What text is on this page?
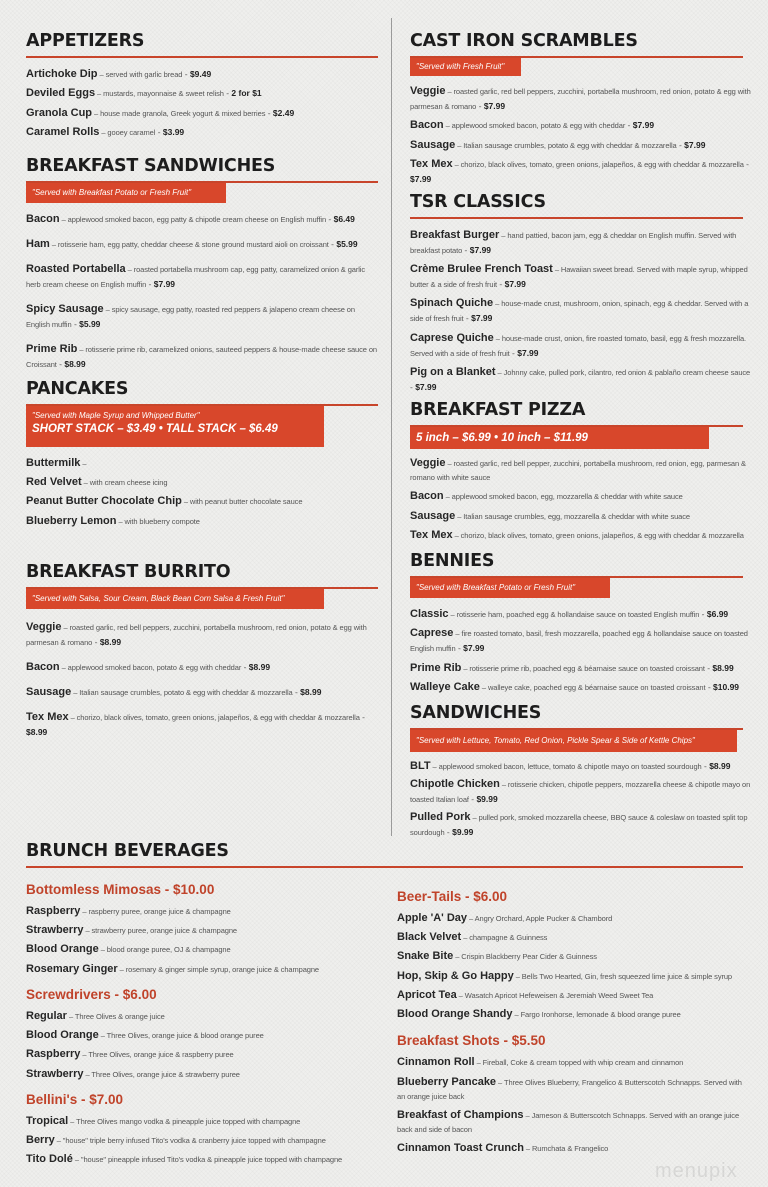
APPETIZERS
Artichoke Dip – served with garlic bread - $9.49
Deviled Eggs – mustards, mayonnaise & sweet relish - 2 for $1
Granola Cup – house made granola, Greek yogurt & mixed berries - $2.49
Caramel Rolls – gooey caramel - $3.99
BREAKFAST SANDWICHES
"Served with Breakfast Potato or Fresh Fruit"
Bacon – applewood smoked bacon, egg patty & chipotle cream cheese on English muffin - $6.49
Ham – rotisserie ham, egg patty, cheddar cheese & stone ground mustard aioli on croissant - $5.99
Roasted Portabella – roasted portabella mushroom cap, egg patty, caramelized onion & garlic herb cream cheese on English muffin - $7.99
Spicy Sausage – spicy sausage, egg patty, roasted red peppers & jalapeno cream cheese on English muffin - $5.99
Prime Rib – rotisserie prime rib, caramelized onions, sauteed peppers & house-made cheese sauce on Croissant - $8.99
PANCAKES
"Served with Maple Syrup and Whipped Butter"
SHORT STACK – $3.49 • TALL STACK – $6.49
Buttermilk–
Red Velvet – with cream cheese icing
Peanut Butter Chocolate Chip – with peanut butter chocolate sauce
Blueberry Lemon – with blueberry compote
BREAKFAST BURRITO
"Served with Salsa, Sour Cream, Black Bean Corn Salsa & Fresh Fruit"
Veggie – roasted garlic, red bell peppers, zucchini, portabella mushroom, red onion, potato & egg with parmesan & romano - $8.99
Bacon – applewood smoked bacon, potato & egg with cheddar - $8.99
Sausage – Italian sausage crumbles, potato & egg with cheddar & mozzarella - $8.99
Tex Mex – chorizo, black olives, tomato, green onions, jalapeños, & egg with cheddar & mozzarella- $8.99
CAST IRON SCRAMBLES
"Served with Fresh Fruit"
Veggie – roasted garlic, red bell peppers, zucchini, portabella mushroom, red onion, potato & egg with parmesan & romano - $7.99
Bacon – applewood smoked bacon, potato & egg with cheddar - $7.99
Sausage – Italian sausage crumbles, potato & egg with cheddar & mozzarella - $7.99
Tex Mex – chorizo, black olives, tomato, green onions, jalapeños, & egg with cheddar & mozzarella- $7.99
TSR CLASSICS
Breakfast Burger – hand pattied, bacon jam, egg & cheddar on English muffin. Served with breakfast potato - $7.99
Crème Brulee French Toast – Hawaiian sweet bread. Served with maple syrup, whipped butter & a side of fresh fruit - $7.99
Spinach Quiche – house-made crust, mushroom, onion, spinach, egg & cheddar. Served with a side of fresh fruit - $7.99
Caprese Quiche – house-made crust, onion, fire roasted tomato, basil, egg & fresh mozzarella. Served with a side of fresh fruit - $7.99
Pig on a Blanket – Johnny cake, pulled pork, cilantro, red onion & pablaño cream cheese sauce- $7.99
BREAKFAST PIZZA
5 inch – $6.99 • 10 inch – $11.99
Veggie – roasted garlic, red bell pepper, zucchini, portabella mushroom, red onion, egg, parmesan & romano with white sauce
Bacon – applewood smoked bacon, egg, mozzarella & cheddar with white sauce
Sausage – Italian sausage crumbles, egg, mozzarella & cheddar with white suace
Tex Mex – chorizo, black olives, tomato, green onions, jalapeños, & egg with cheddar & mozzarella
BENNIES
"Served with Breakfast Potato or Fresh Fruit"
Classic – rotisserie ham, poached egg & hollandaise sauce on toasted English muffin - $6.99
Caprese – fire roasted tomato, basil, fresh mozzarella, poached egg & hollandaise sauce on toasted English muffin - $7.99
Prime Rib – rotisserie prime rib, poached egg & béarnaise sauce on toasted croissant - $8.99
Walleye Cake – walleye cake, poached egg & béarnaise sauce on toasted croissant - $10.99
SANDWICHES
"Served with Lettuce, Tomato, Red Onion, Pickle Spear & Side of Kettle Chips"
BLT – applewood smoked bacon, lettuce, tomato & chipotle mayo on toasted sourdough - $8.99
Chipotle Chicken – rotisserie chicken, chipotle peppers, mozzarella cheese & chipotle mayo on toasted Italian loaf - $9.99
Pulled Pork – pulled pork, smoked mozzarella cheese, BBQ sauce & coleslaw on toasted split top sourdough - $9.99
BRUNCH BEVERAGES
Bottomless Mimosas - $10.00
Raspberry – raspberry puree, orange juice & champagne
Strawberry – strawberry puree, orange juice & champagne
Blood Orange – blood orange puree, OJ & champagne
Rosemary Ginger – rosemary & ginger simple syrup, orange juice & champagne
Screwdrivers - $6.00
Regular – Three Olives & orange juice
Blood Orange – Three Olives, orange juice & blood orange puree
Raspberry – Three Olives, orange juice & raspberry puree
Strawberry – Three Olives, orange juice & strawberry puree
Bellini's - $7.00
Tropical – Three Olives mango vodka & pineapple juice topped with champagne
Berry – "house" triple berry infused Tito's vodka & cranberry juice topped with champagne
Tito Dolé – "house" pineapple infused Tito's vodka & pineapple juice topped with champagne
Beer-Tails - $6.00
Apple 'A' Day – Angry Orchard, Apple Pucker & Chambord
Black Velvet – champagne & Guinness
Snake Bite – Crispin Blackberry Pear Cider & Guinness
Hop, Skip & Go Happy – Bells Two Hearted, Gin, fresh squeezed lime juice & simple syrup
Apricot Tea – Wasatch Apricot Hefeweisen & Jeremiah Weed Sweet Tea
Blood Orange Shandy – Fargo Ironhorse, lemonade & blood orange puree
Breakfast Shots - $5.50
Cinnamon Roll – Fireball, Coke & cream topped with whip cream and cinnamon
Blueberry Pancake – Three Olives Blueberry, Frangelico & Butterscotch Schnapps. Served with an orange juice back
Breakfast of Champions – Jameson & Butterscotch Schnapps. Served with an orange juice back and side of bacon
Cinnamon Toast Crunch – Rumchata & Frangelico
menupix
